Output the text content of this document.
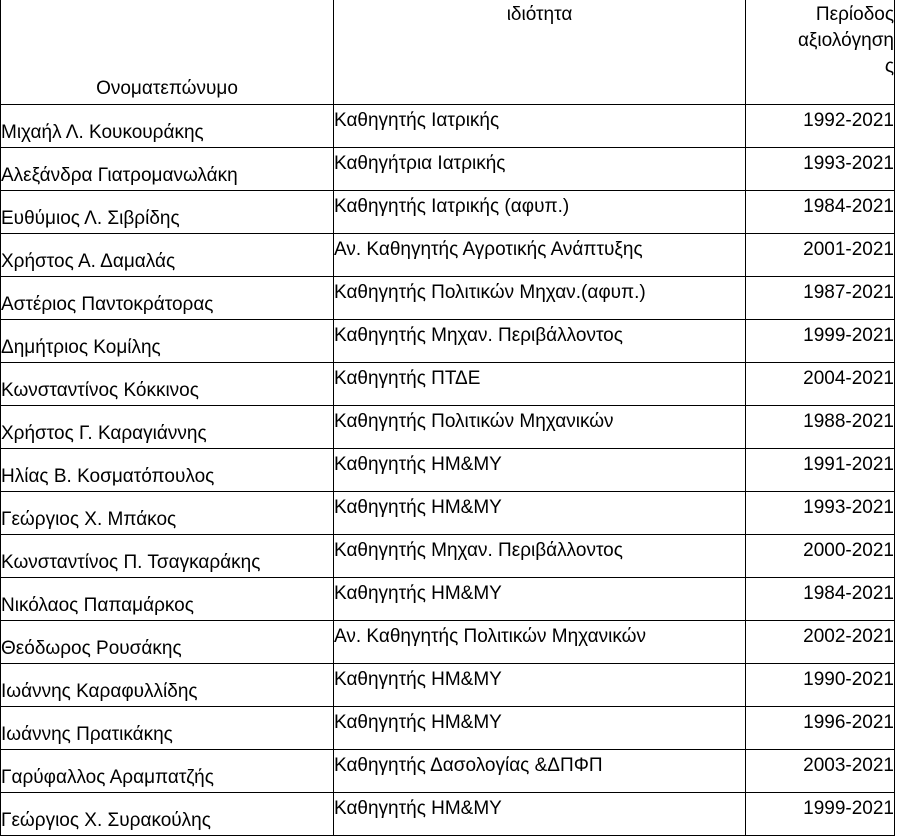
Ονοματεπώνυμο	ιδιότητα	Περίοδος
αξιολόγηση
ς

Μιχαήλ Λ. Κουκουράκης	Καθηγητής Ιατρικής	1992-2021
Αλεξάνδρα Γιατρομανωλάκη	Καθηγήτρια Ιατρικής	1993-2021
Ευθύμιος Λ. Σιβρίδης	Καθηγητής Ιατρικής (αφυπ.)	1984-2021
Χρήστος Α. Δαμαλάς	Αν. Καθηγητής Αγροτικής Ανάπτυξης	2001-2021
Αστέριος Παντοκράτορας	Καθηγητής Πολιτικών Μηχαν.(αφυπ.)	1987-2021
Δημήτριος Κομίλης	Καθηγητής Μηχαν. Περιβάλλοντος	1999-2021
Κωνσταντίνος Κόκκινος	Καθηγητής ΠΤΔΕ	2004-2021
Χρήστος Γ. Καραγιάννης	Καθηγητής Πολιτικών Μηχανικών	1988-2021
Ηλίας Β. Κοσματόπουλος	Καθηγητής ΗΜ&ΜΥ	1991-2021
Γεώργιος Χ. Μπάκος	Καθηγητής ΗΜ&ΜΥ	1993-2021
Κωνσταντίνος Π. Τσαγκαράκης	Καθηγητής Μηχαν. Περιβάλλοντος	2000-2021
Νικόλαος Παπαμάρκος	Καθηγητής ΗΜ&ΜΥ	1984-2021
Θεόδωρος Ρουσάκης	Αν. Καθηγητής Πολιτικών Μηχανικών	2002-2021
Ιωάννης Καραφυλλίδης	Καθηγητής ΗΜ&ΜΥ	1990-2021
Ιωάννης Πρατικάκης	Καθηγητής ΗΜ&ΜΥ	1996-2021
Γαρύφαλλος Αραμπατζής	Καθηγητής Δασολογίας &ΔΠΦΠ	2003-2021
Γεώργιος Χ. Συρακούλης	Καθηγητής ΗΜ&ΜΥ	1999-2021
